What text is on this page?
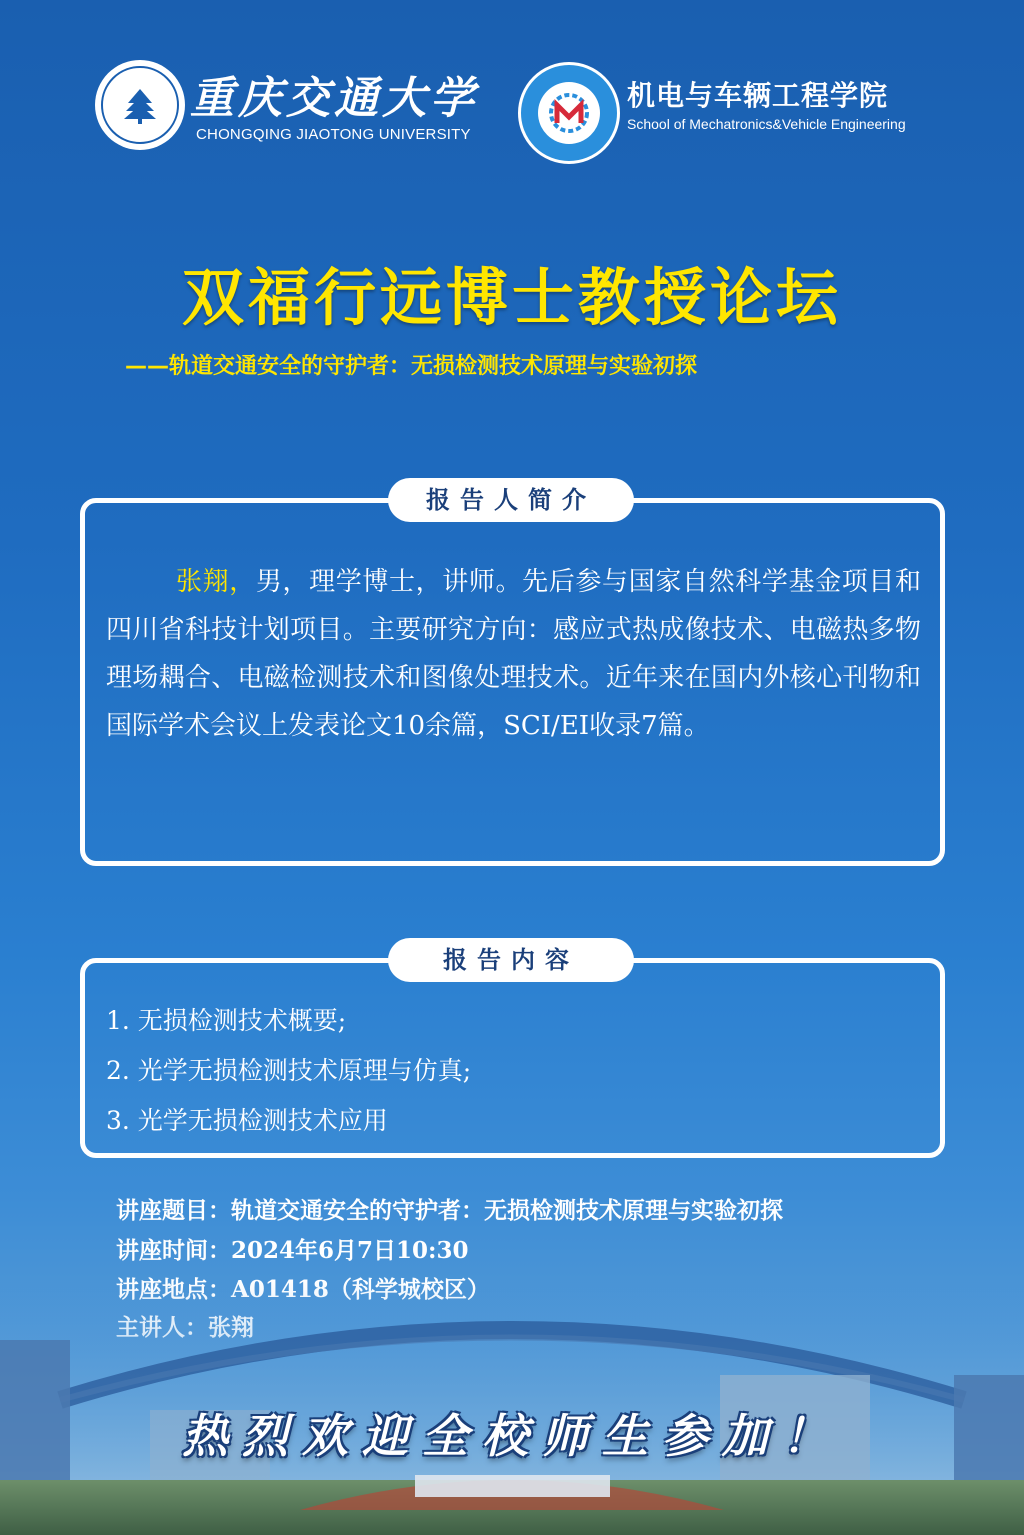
重庆交通大学
CHONGQING JIAOTONG UNIVERSITY
机电与车辆工程学院
School of Mechatronics&Vehicle Engineering
双福行远博士教授论坛
——轨道交通安全的守护者：无损检测技术原理与实验初探
报告人简介
张翔，男，理学博士，讲师。先后参与国家自然科学基金项目和四川省科技计划项目。主要研究方向：感应式热成像技术、电磁热多物理场耦合、电磁检测技术和图像处理技术。近年来在国内外核心刊物和国际学术会议上发表论文10余篇，SCI/EI收录7篇。
报告内容
1. 无损检测技术概要;
2. 光学无损检测技术原理与仿真;
3. 光学无损检测技术应用
讲座题目：轨道交通安全的守护者：无损检测技术原理与实验初探
讲座时间：2024年6月7日10:30
热烈欢迎全校师生参加！
